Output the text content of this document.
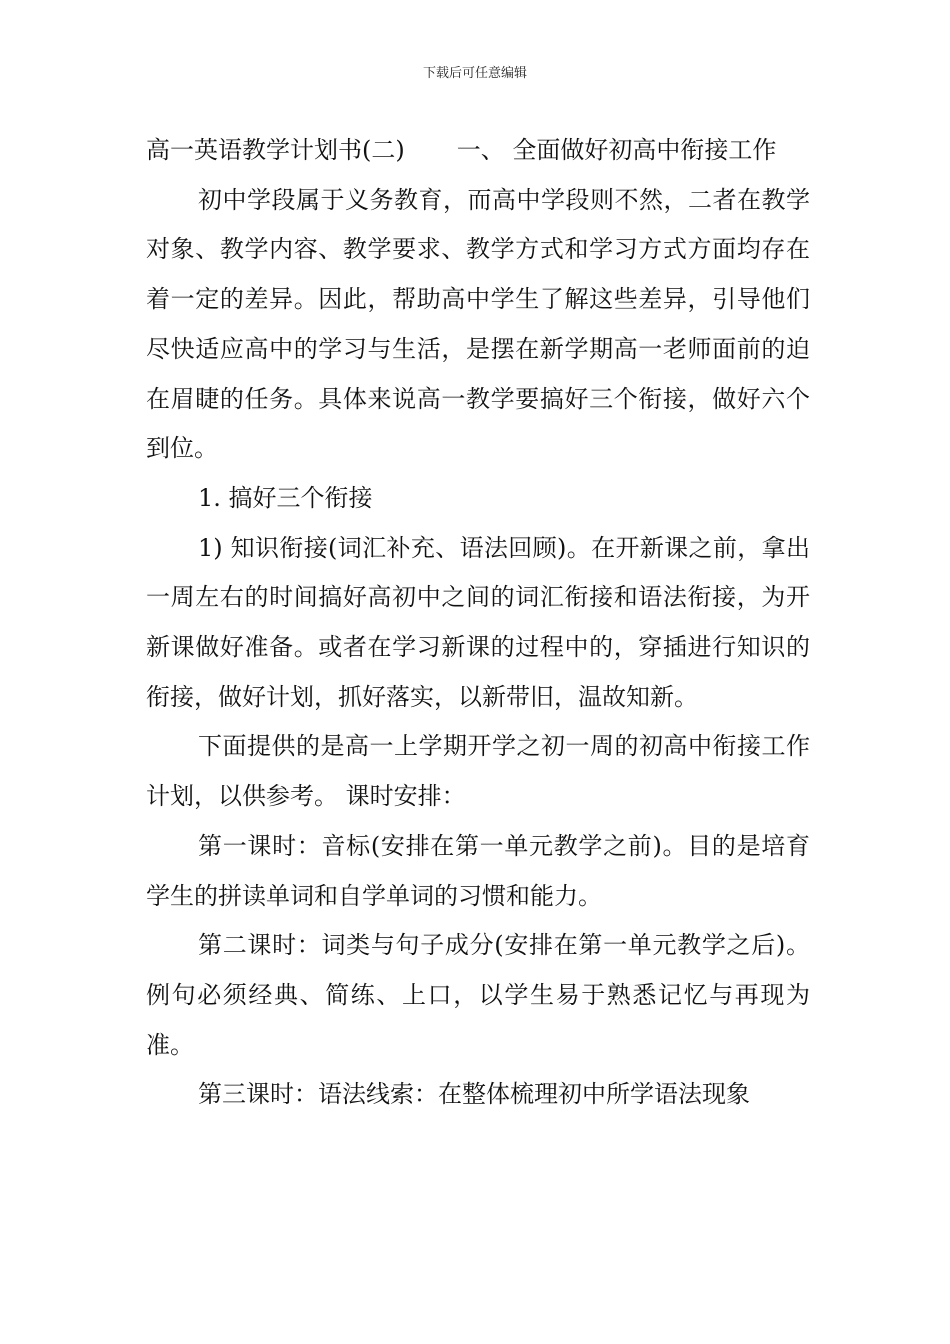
下载后可任意编辑

高一英语教学计划书(二) 一、 全面做好初高中衔接工作

初中学段属于义务教育，而高中学段则不然，二者在教学对象、教学内容、教学要求、教学方式和学习方式方面均存在着一定的差异。因此，帮助高中学生了解这些差异，引导他们尽快适应高中的学习与生活，是摆在新学期高一老师面前的迫在眉睫的任务。具体来说高一教学要搞好三个衔接，做好六个到位。

1. 搞好三个衔接

1) 知识衔接(词汇补充、语法回顾)。在开新课之前，拿出一周左右的时间搞好高初中之间的词汇衔接和语法衔接，为开新课做好准备。或者在学习新课的过程中的，穿插进行知识的衔接，做好计划，抓好落实，以新带旧，温故知新。

下面提供的是高一上学期开学之初一周的初高中衔接工作计划，以供参考。 课时安排：

第一课时：音标(安排在第一单元教学之前)。目的是培育学生的拼读单词和自学单词的习惯和能力。

第二课时：词类与句子成分(安排在第一单元教学之后)。例句必须经典、简练、上口，以学生易于熟悉记忆与再现为准。

第三课时：语法线索：在整体梳理初中所学语法现象
